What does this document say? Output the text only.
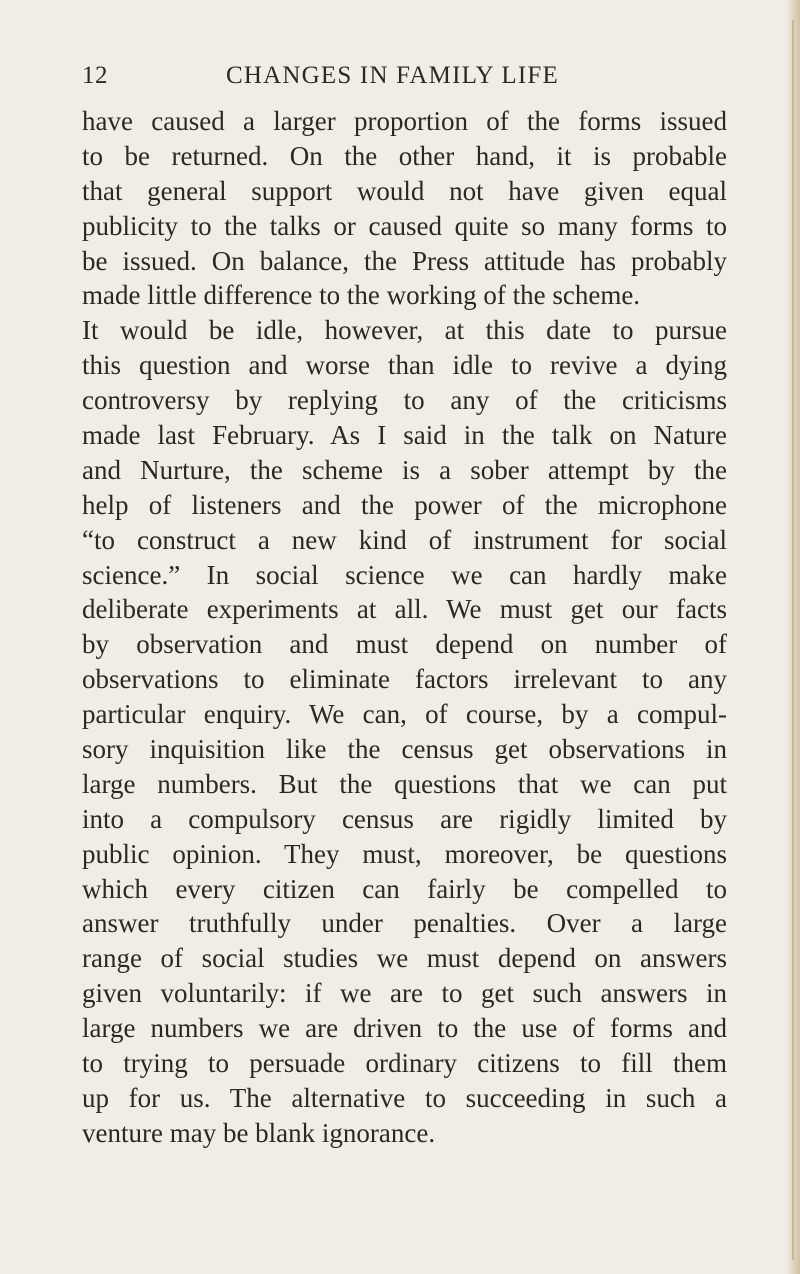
12	CHANGES IN FAMILY LIFE
have caused a larger proportion of the forms issued
to be returned. On the other hand, it is probable
that general support would not have given equal
publicity to the talks or caused quite so many forms to
be issued. On balance, the Press attitude has probably
made little difference to the working of the scheme.
It would be idle, however, at this date to pursue
this question and worse than idle to revive a dying
controversy by replying to any of the criticisms
made last February. As I said in the talk on Nature
and Nurture, the scheme is a sober attempt by the
help of listeners and the power of the microphone
“to construct a new kind of instrument for social
science.” In social science we can hardly make
deliberate experiments at all. We must get our facts
by observation and must depend on number of
observations to eliminate factors irrelevant to any
particular enquiry. We can, of course, by a compul-
sory inquisition like the census get observations in
large numbers. But the questions that we can put
into a compulsory census are rigidly limited by
public opinion. They must, moreover, be questions
which every citizen can fairly be compelled to
answer truthfully under penalties. Over a large
range of social studies we must depend on answers
given voluntarily: if we are to get such answers in
large numbers we are driven to the use of forms and
to trying to persuade ordinary citizens to fill them
up for us. The alternative to succeeding in such a
venture may be blank ignorance.
